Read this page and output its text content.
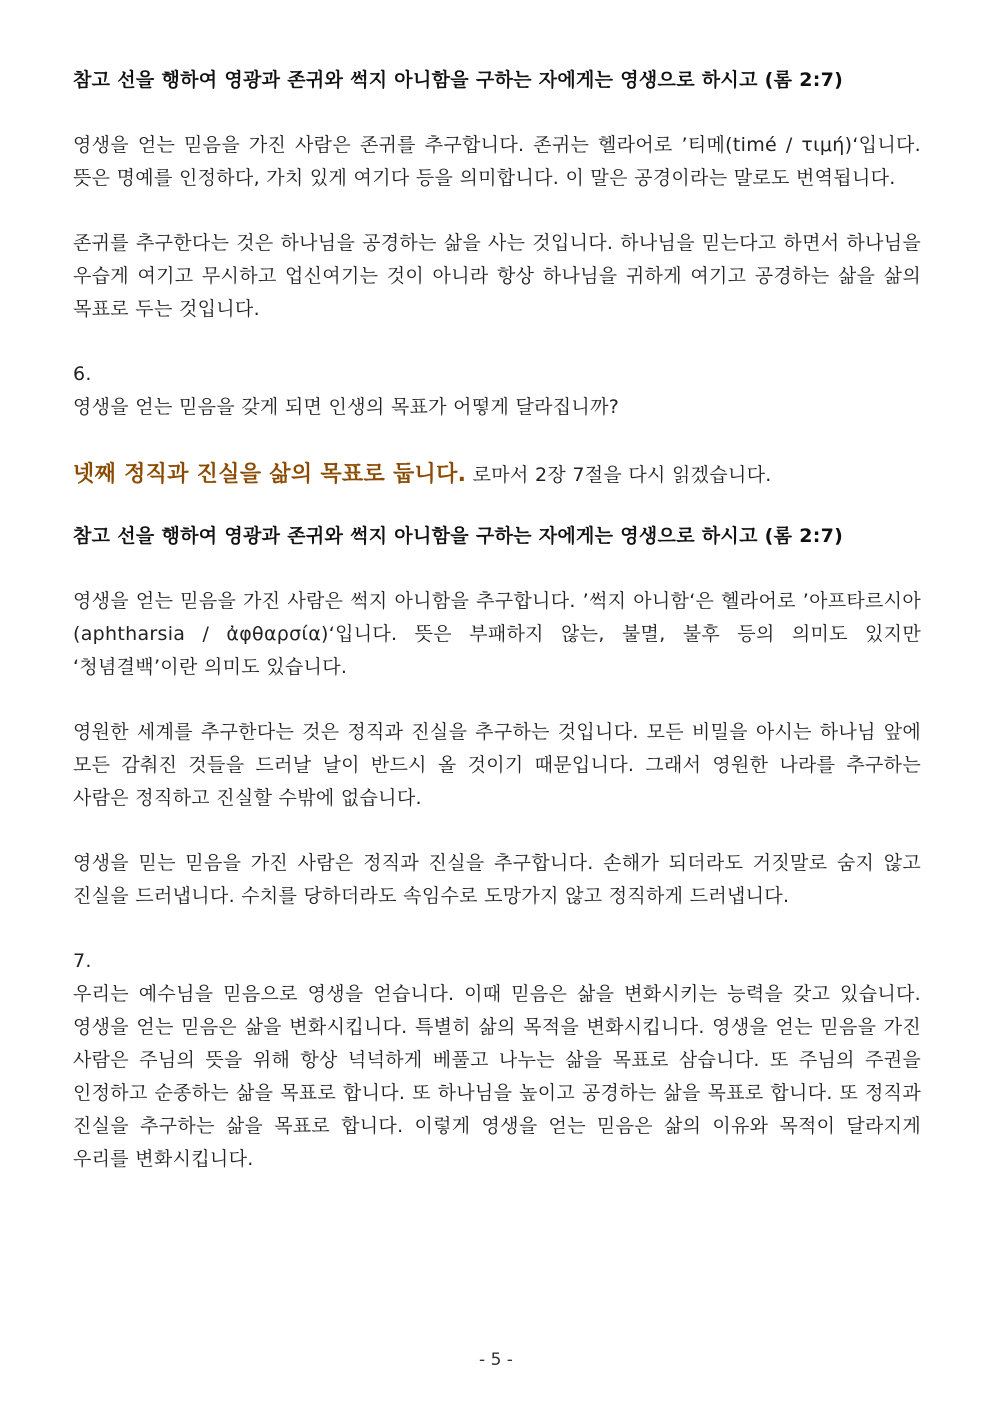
참고 선을 행하여 영광과 존귀와 썩지 아니함을 구하는 자에게는 영생으로 하시고 (롬 2:7)

영생을 얻는 믿음을 가진 사람은 존귀를 추구합니다. 존귀는 헬라어로 ’티메(timé / τιμή)‘입니다. 뜻은 명예를 인정하다, 가치 있게 여기다 등을 의미합니다. 이 말은 공경이라는 말로도 번역됩니다.

존귀를 추구한다는 것은 하나님을 공경하는 삶을 사는 것입니다. 하나님을 믿는다고 하면서 하나님을 우습게 여기고 무시하고 업신여기는 것이 아니라 항상 하나님을 귀하게 여기고 공경하는 삶을 삶의 목표로 두는 것입니다.

6.

영생을 얻는 믿음을 갖게 되면 인생의 목표가 어떻게 달라집니까?

넷째 정직과 진실을 삶의 목표로 둡니다. 로마서 2장 7절을 다시 읽겠습니다.

참고 선을 행하여 영광과 존귀와 썩지 아니함을 구하는 자에게는 영생으로 하시고 (롬 2:7)

영생을 얻는 믿음을 가진 사람은 썩지 아니함을 추구합니다. ’썩지 아니함‘은 헬라어로 ’아프타르시아(aphtharsia / ἀφθαρσία)‘입니다. 뜻은 부패하지 않는, 불멸, 불후 등의 의미도 있지만 ‘청념결백’이란 의미도 있습니다.

영원한 세계를 추구한다는 것은 정직과 진실을 추구하는 것입니다. 모든 비밀을 아시는 하나님 앞에 모든 감춰진 것들을 드러날 날이 반드시 올 것이기 때문입니다. 그래서 영원한 나라를 추구하는 사람은 정직하고 진실할 수밖에 없습니다.

영생을 믿는 믿음을 가진 사람은 정직과 진실을 추구합니다. 손해가 되더라도 거짓말로 숨지 않고 진실을 드러냅니다. 수치를 당하더라도 속임수로 도망가지 않고 정직하게 드러냅니다.

7.

우리는 예수님을 믿음으로 영생을 얻습니다. 이때 믿음은 삶을 변화시키는 능력을 갖고 있습니다. 영생을 얻는 믿음은 삶을 변화시킵니다. 특별히 삶의 목적을 변화시킵니다. 영생을 얻는 믿음을 가진 사람은 주님의 뜻을 위해 항상 넉넉하게 베풀고 나누는 삶을 목표로 삼습니다. 또 주님의 주권을 인정하고 순종하는 삶을 목표로 합니다. 또 하나님을 높이고 공경하는 삶을 목표로 합니다. 또 정직과 진실을 추구하는 삶을 목표로 합니다. 이렇게 영생을 얻는 믿음은 삶의 이유와 목적이 달라지게 우리를 변화시킵니다.

- 5 -
